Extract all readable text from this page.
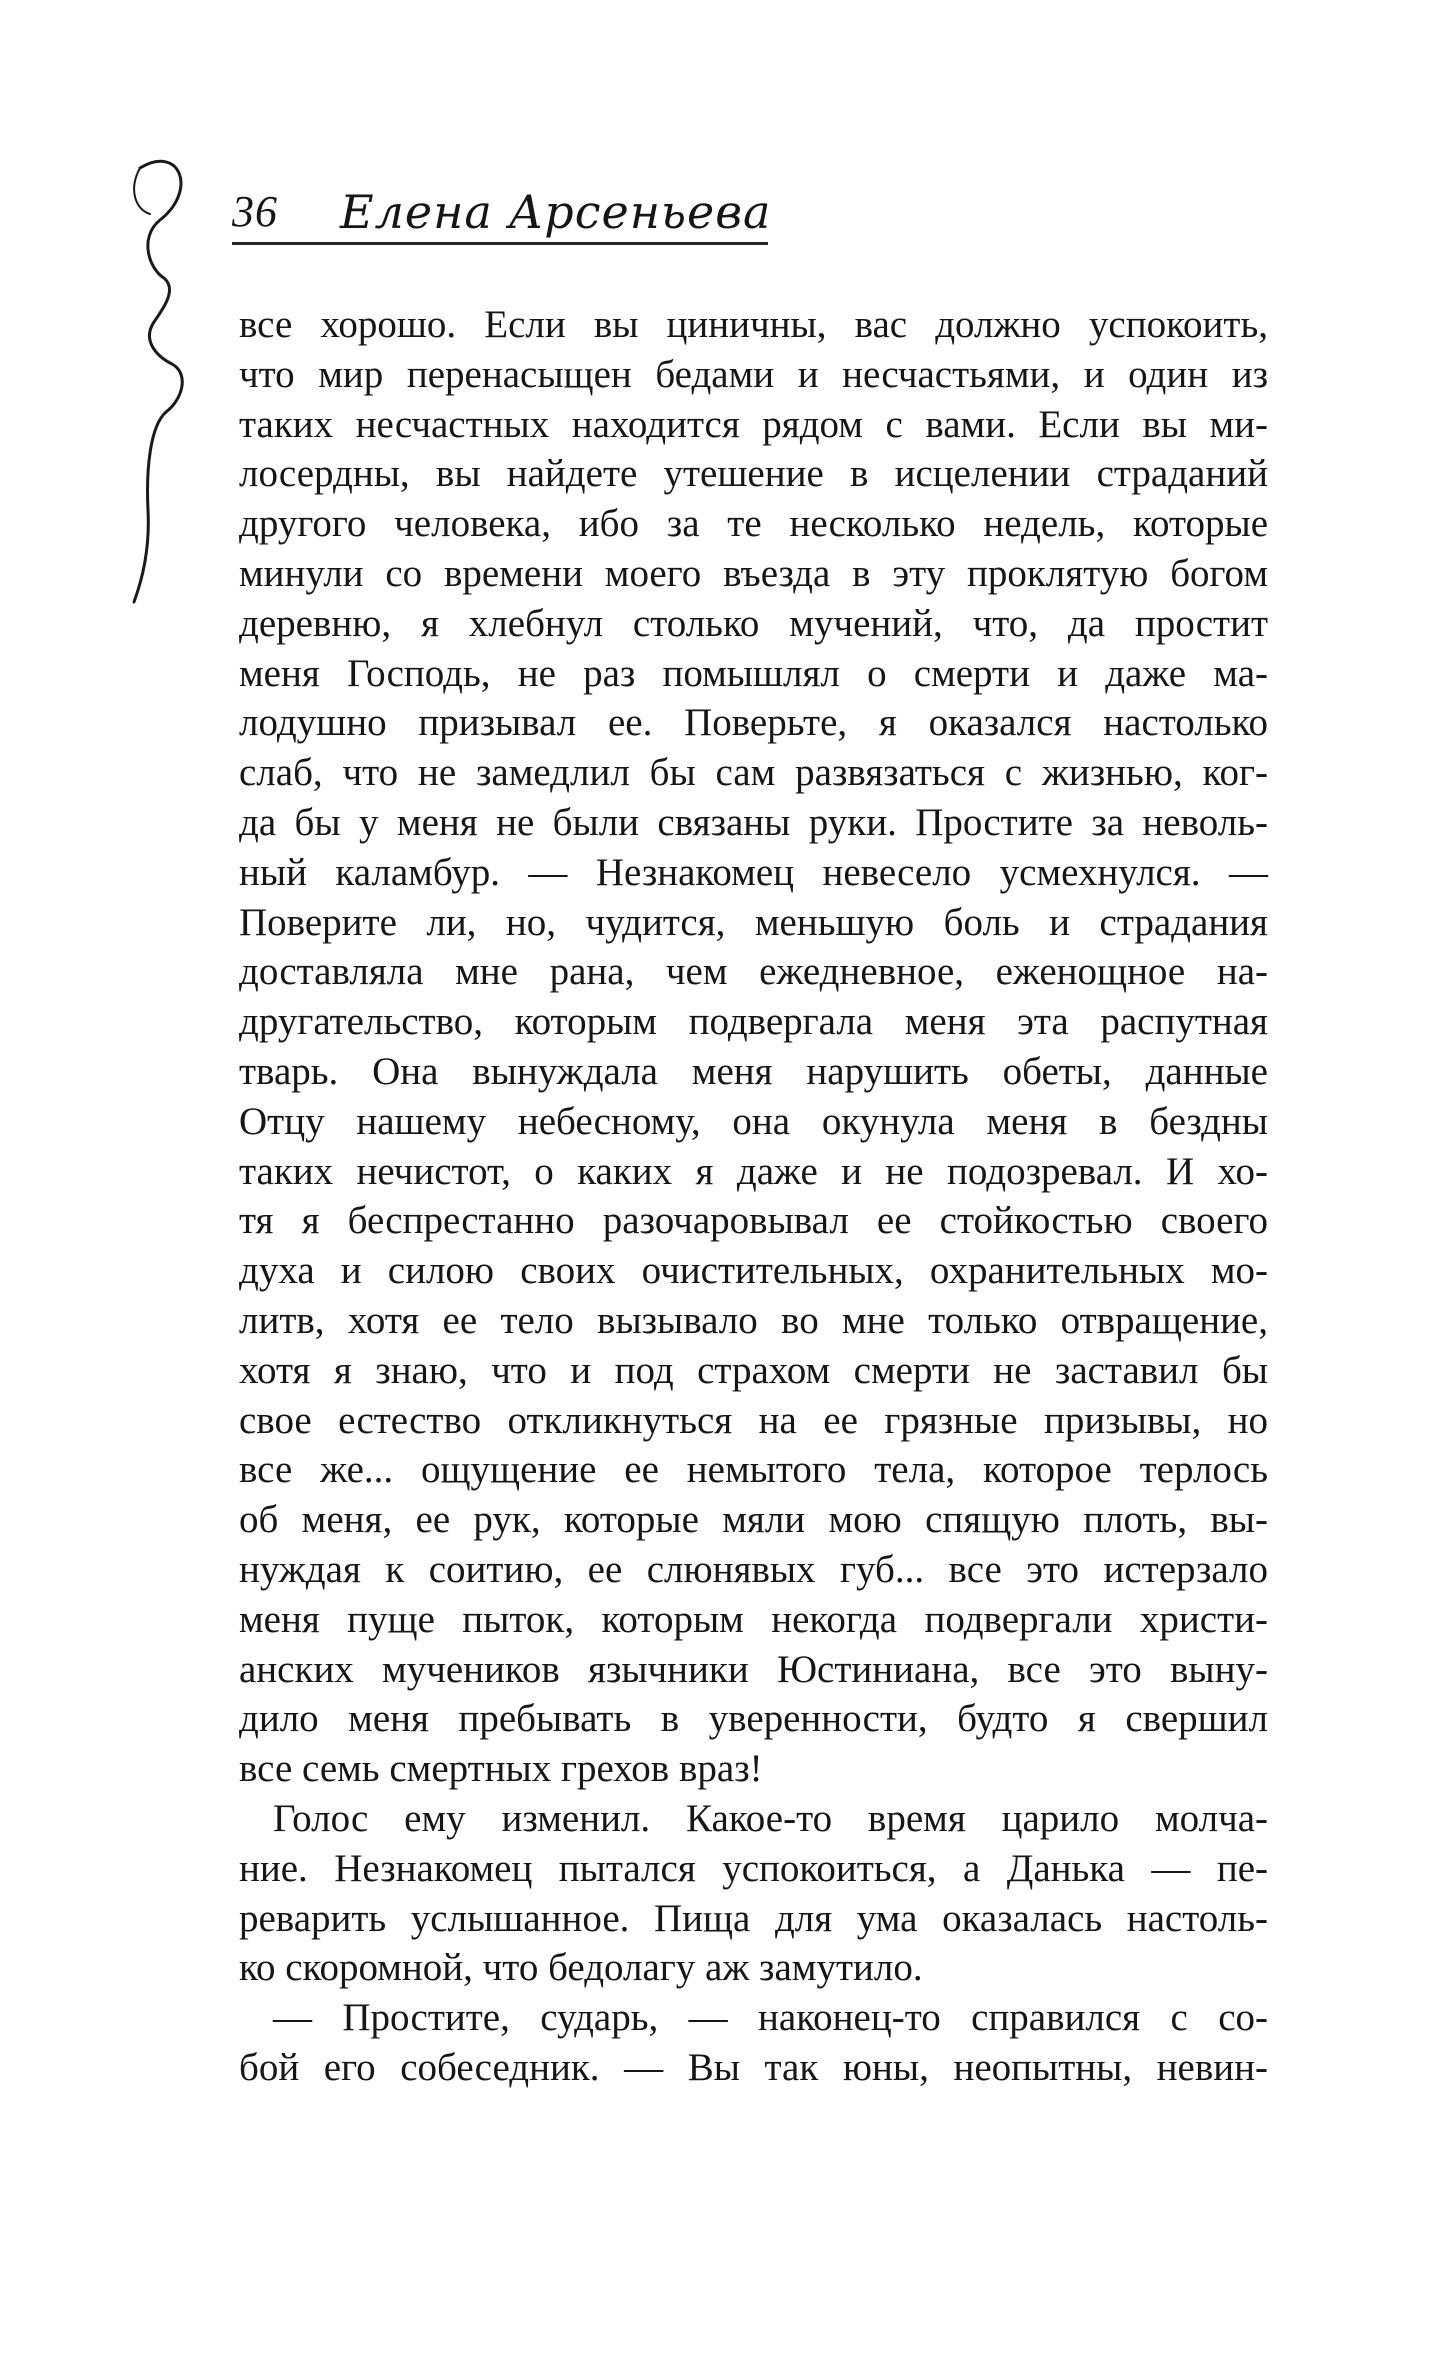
36 Елена Арсеньева
все хорошо. Если вы циничны, вас должно успокоить,
что мир перенасыщен бедами и несчастьями, и один из
таких несчастных находится рядом с вами. Если вы ми-
лосердны, вы найдете утешение в исцелении страданий
другого человека, ибо за те несколько недель, которые
минули со времени моего въезда в эту проклятую богом
деревню, я хлебнул столько мучений, что, да простит
меня Господь, не раз помышлял о смерти и даже ма-
лодушно призывал ее. Поверьте, я оказался настолько
слаб, что не замедлил бы сам развязаться с жизнью, ког-
да бы у меня не были связаны руки. Простите за неволь-
ный каламбур. — Незнакомец невесело усмехнулся. —
Поверите ли, но, чудится, меньшую боль и страдания
доставляла мне рана, чем ежедневное, еженощное на-
другательство, которым подвергала меня эта распутная
тварь. Она вынуждала меня нарушить обеты, данные
Отцу нашему небесному, она окунула меня в бездны
таких нечистот, о каких я даже и не подозревал. И хо-
тя я беспрестанно разочаровывал ее стойкостью своего
духа и силою своих очистительных, охранительных мо-
литв, хотя ее тело вызывало во мне только отвращение,
хотя я знаю, что и под страхом смерти не заставил бы
свое естество откликнуться на ее грязные призывы, но
все же... ощущение ее немытого тела, которое терлось
об меня, ее рук, которые мяли мою спящую плоть, вы-
нуждая к соитию, ее слюнявых губ... все это истерзало
меня пуще пыток, которым некогда подвергали христи-
анских мучеников язычники Юстиниана, все это выну-
дило меня пребывать в уверенности, будто я свершил
все семь смертных грехов враз!
Голос ему изменил. Какое-то время царило молча-
ние. Незнакомец пытался успокоиться, а Данька — пе-
реварить услышанное. Пища для ума оказалась настоль-
ко скоромной, что бедолагу аж замутило.
— Простите, сударь, — наконец-то справился с со-
бой его собеседник. — Вы так юны, неопытны, невин-
